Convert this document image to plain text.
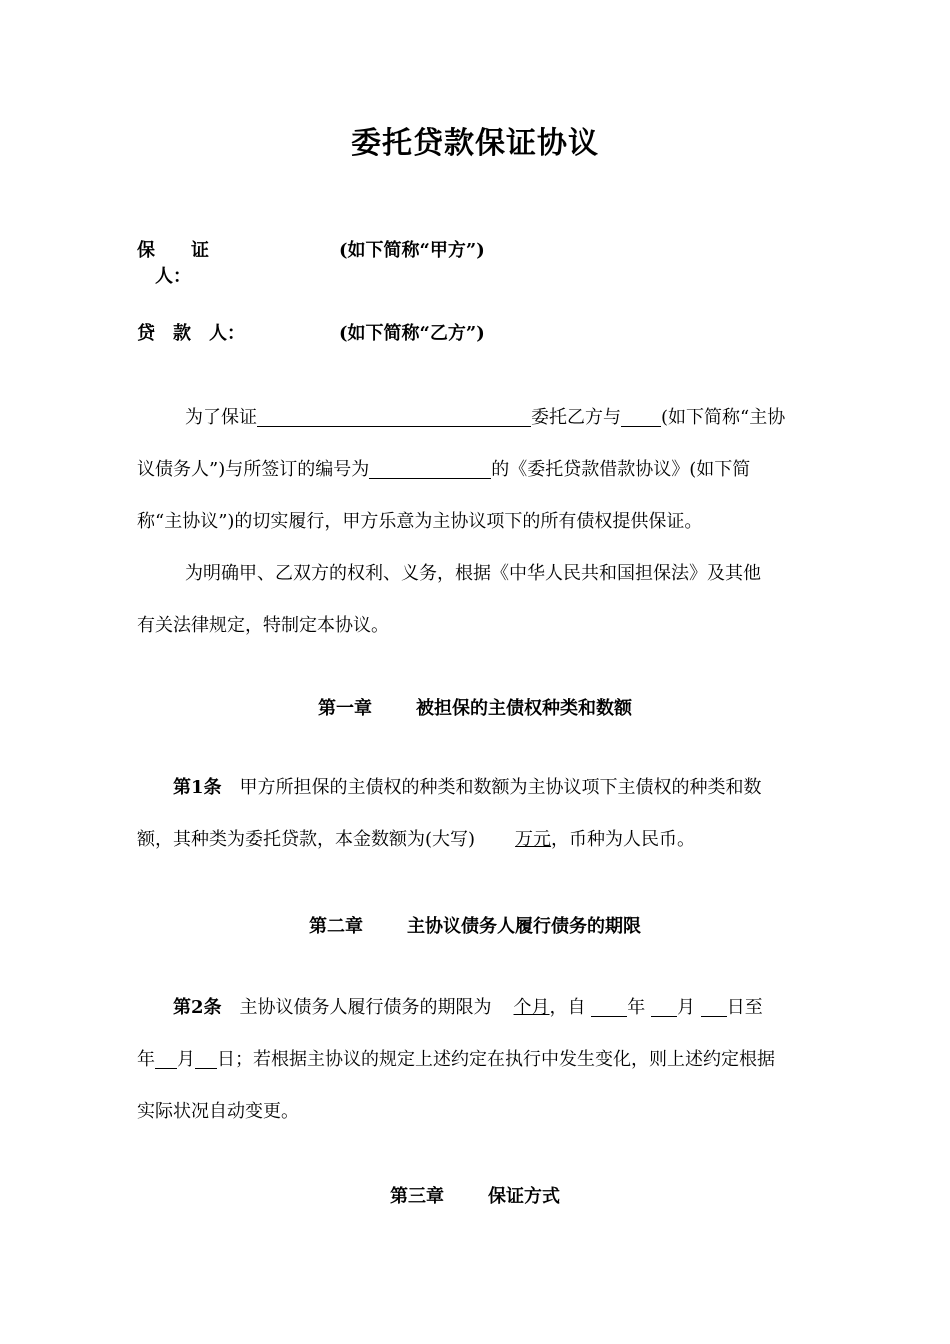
委托贷款保证协议
保 证人：
(如下简称“甲方”)
贷 款 人：	(如下简称“乙方”)
为了保证	委托乙方与 (如下简称“主协
议债务人”)与所签订的编号为	的《委托贷款借款协议》(如下简
称“主协议”)的切实履行，甲方乐意为主协议项下的所有债权提供保证。
为明确甲、乙双方的权利、义务，根据《中华人民共和国担保法》及其他
有关法律规定，特制定本协议。
第一章 被担保的主债权种类和数额
第1条 甲方所担保的主债权的种类和数额为主协议项下主债权的种类和数
额，其种类为委托贷款，本金数额为(大写) 万元，币种为人民币。
第二章 主协议债务人履行债务的期限
第2条 主协议债务人履行债务的期限为 个月，自 年 月 日至
年 月 日；若根据主协议的规定上述约定在执行中发生变化，则上述约定根据
实际状况自动变更。
第三章 保证方式
